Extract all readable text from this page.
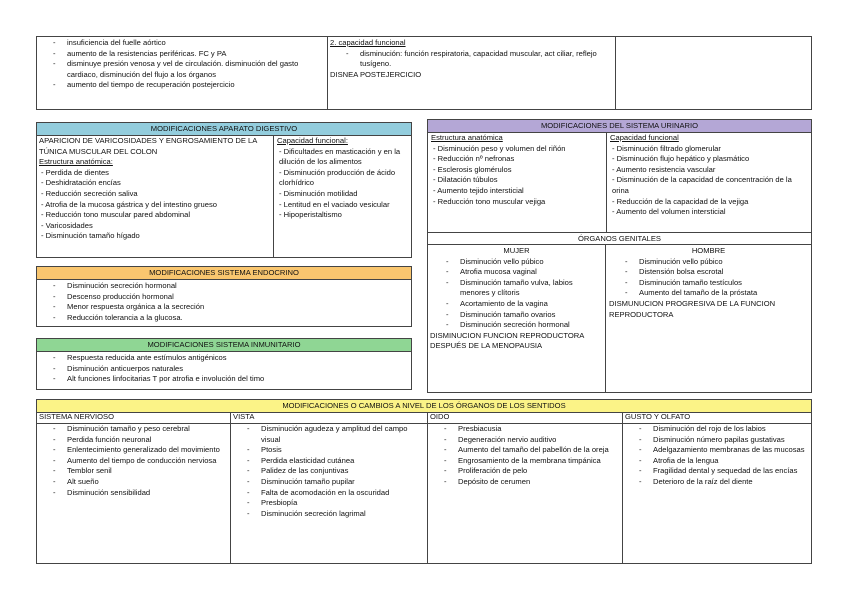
- insuficiencia del fuelle aórtico
- aumento de la resistencias periféricas. FC y PA
- disminuye presión venosa y vel de circulación. disminución del gasto cardiaco, disminución del flujo a los órganos
- aumento del tiempo de recuperación postejercicio
2. capacidad funcional
- disminución: función respiratoria, capacidad muscular, act ciliar, reflejo tusígeno.
DISNEA POSTEJERCICIO
MODIFICACIONES APARATO DIGESTIVO
APARICION DE VARICOSIDADES Y ENGROSAMIENTO DE LA TÚNICA MUSCULAR DEL COLON
Estructura anatómica:
- Perdida de dientes
- Deshidratación encías
- Reducción secreción saliva
- Atrofia de la mucosa gástrica y del intestino grueso
- Reducción tono muscular pared abdominal
- Varicosidades
- Disminución tamaño hígado
Capacidad funcional:
- Dificultades en masticación y en la dilución de los alimentos
- Disminución producción de ácido clorhídrico
- Disminución motilidad
- Lentitud en el vaciado vesicular
- Hipoperistaltismo
MODIFICACIONES DEL SISTEMA URINARIO
Estructura anatómica
- Disminución peso y volumen del riñón
- Reducción nº nefronas
- Esclerosis glomérulos
- Dilatación túbulos
- Aumento tejido intersticial
- Reducción tono muscular vejiga
Capacidad funcional
- Disminución filtrado glomerular
- Disminución flujo hepático y plasmático
- Aumento resistencia vascular
- Disminución de la capacidad de concentración de la orina
- Reducción de la capacidad de la vejiga
- Aumento del volumen intersticial
ÓRGANOS GENITALES
MUJER
- Disminución vello púbico
- Atrofia mucosa vaginal
- Disminución tamaño vulva, labios menores y clítoris
- Acortamiento de la vagina
- Disminución tamaño ovarios
- Disminución secreción hormonal
DISMINUCION FUNCION REPRODUCTORA DESPUÉS DE LA MENOPAUSIA
HOMBRE
- Disminución vello púbico
- Distensión bolsa escrotal
- Disminución tamaño testículos
- Aumento del tamaño de la próstata
DISMUNUCION PROGRESIVA DE LA FUNCION REPRODUCTORA
MODIFICACIONES SISTEMA ENDOCRINO
- Disminución secreción hormonal
- Descenso producción hormonal
- Menor respuesta orgánica a la secreción
- Reducción tolerancia a la glucosa.
MODIFICACIONES SISTEMA INMUNITARIO
- Respuesta reducida ante estímulos antigénicos
- Disminución anticuerpos naturales
- Alt funciones linfocitarias T por atrofia e involución del timo
MODIFICACIONES O CAMBIOS A NIVEL DE LOS ÓRGANOS DE LOS SENTIDOS
SISTEMA NERVIOSO
- Disminución tamaño y peso cerebral
- Perdida función neuronal
- Enlentecimiento generalizado del movimiento
- Aumento del tiempo de conducción nerviosa
- Temblor senil
- Alt sueño
- Disminución sensibilidad
VISTA
- Disminución agudeza y amplitud del campo visual
- Ptosis
- Perdida elasticidad cutánea
- Palidez de las conjuntivas
- Disminución tamaño pupilar
- Falta de acomodación en la oscuridad
- Presbiopía
- Disminución secreción lagrimal
OIDO
- Presbiacusia
- Degeneración nervio auditivo
- Aumento del tamaño del pabellón de la oreja
- Engrosamiento de la membrana timpánica
- Proliferación de pelo
- Depósito de cerumen
GUSTO Y OLFATO
- Disminución del rojo de los labios
- Disminución número papilas gustativas
- Adelgazamiento membranas de las mucosas
- Atrofia de la lengua
- Fragilidad dental y sequedad de las encías
- Deterioro de la raíz del diente
